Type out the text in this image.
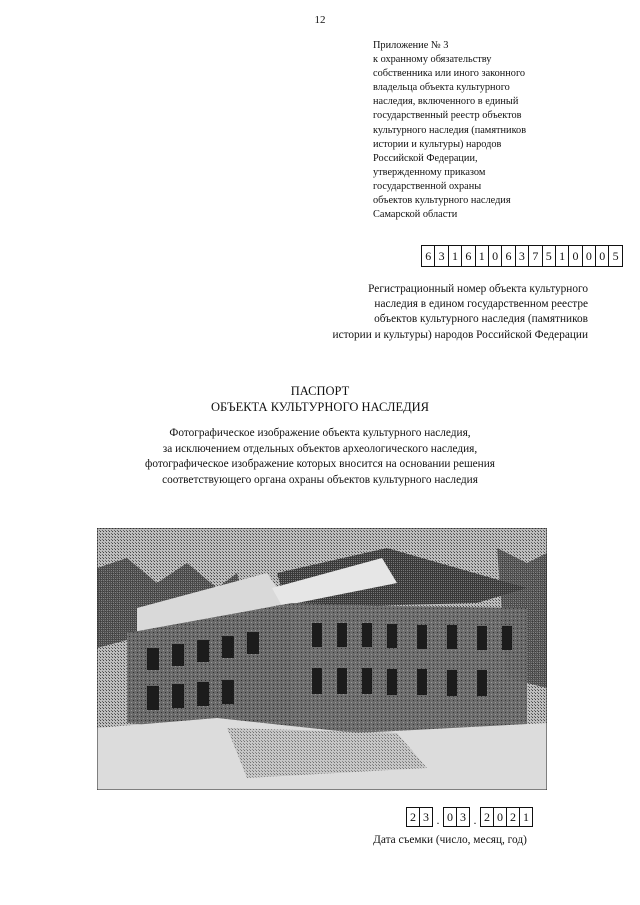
12
Приложение № 3
к охранному обязательству
собственника или иного законного
владельца объекта культурного
наследия, включенного в единый
государственный реестр объектов
культурного наследия (памятников
истории и культуры) народов
Российской Федерации,
утвержденному приказом
государственной охраны
объектов культурного наследия
Самарской области
6 3 1 6 1 0 6 3 7 5 1 0 0 0 5
Регистрационный номер объекта культурного
наследия в едином государственном реестре
объектов культурного наследия (памятников
истории и культуры) народов Российской Федерации
ПАСПОРТ
ОБЪЕКТА КУЛЬТУРНОГО НАСЛЕДИЯ
Фотографическое изображение объекта культурного наследия,
за исключением отдельных объектов археологического наследия,
фотографическое изображение которых вносится на основании решения
соответствующего органа охраны объектов культурного наследия
2 3 . 0 3 . 2 0 2 1
Дата съемки (число, месяц, год)
